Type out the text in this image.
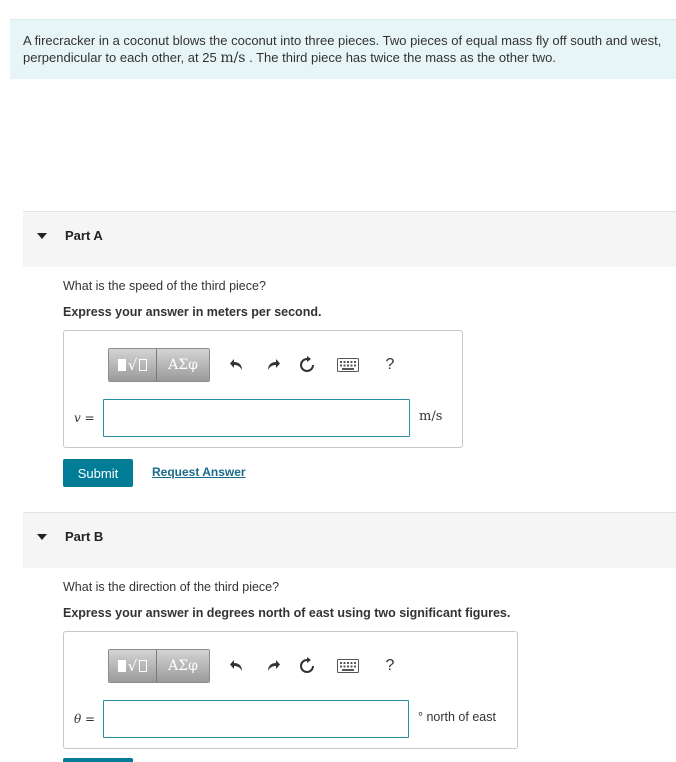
A firecracker in a coconut blows the coconut into three pieces. Two pieces of equal mass fly off south and west, perpendicular to each other, at 25 m/s . The third piece has twice the mass as the other two.
Part A
What is the speed of the third piece?
Express your answer in meters per second.
√ ΑΣφ	?
v =	m/s
Submit	Request Answer
Part B
What is the direction of the third piece?
Express your answer in degrees north of east using two significant figures.
√ ΑΣφ	?
θ =	° north of east
